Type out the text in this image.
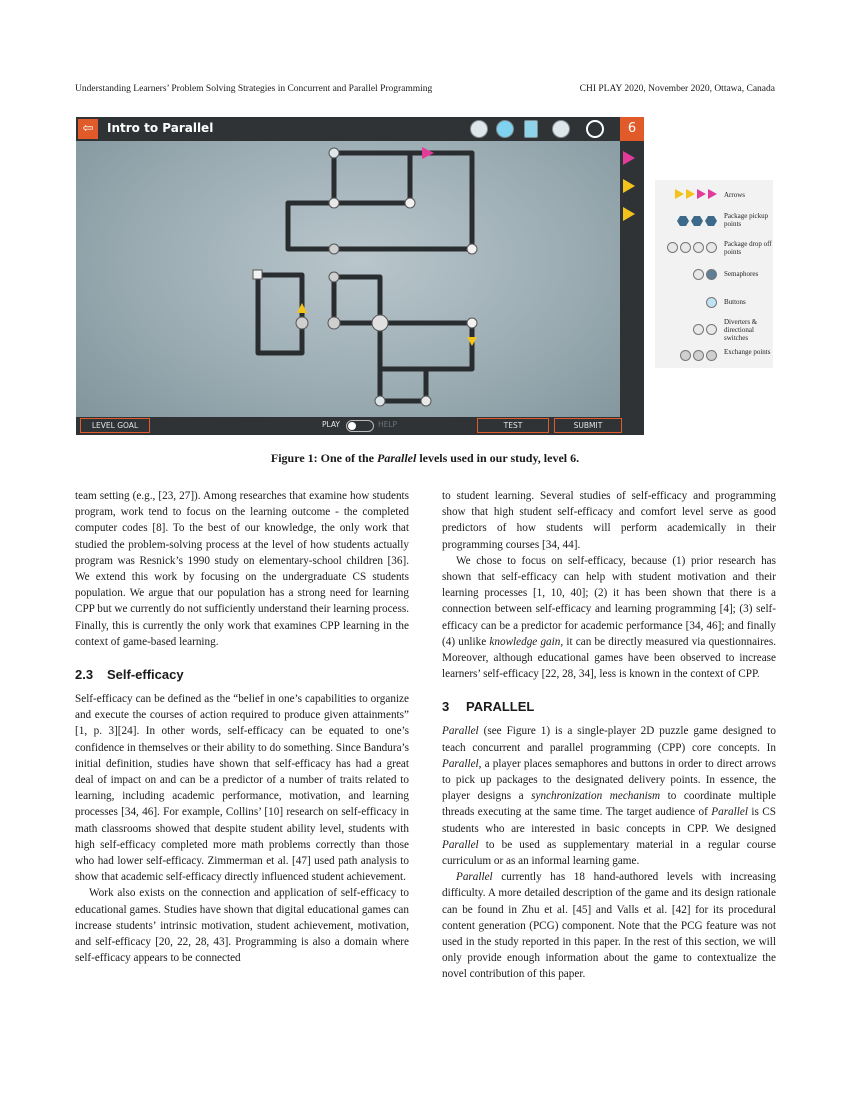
Understanding Learners’ Problem Solving Strategies in Concurrent and Parallel Programming	CHI PLAY 2020, November 2020, Ottawa, Canada
⇦	Intro to Parallel	6
LEVEL GOAL	PLAY	HELP	TEST	SUBMIT
Arrows
Package pickup points
Package drop off points
Semaphores
Buttons
Diverters & directional switches
Exchange points
Figure 1: One of the Parallel levels used in our study, level 6.

team setting (e.g., [23, 27]). Among researches that examine how students program, work tend to focus on the learning outcome - the completed computer codes [8]. To the best of our knowledge, the only work that studied the problem-solving process at the level of how students actually program was Resnick’s 1990 study on elementary-school children [36]. We extend this work by focusing on the undergraduate CS students population. We argue that our population has a strong need for learning CPP but we currently do not sufficiently understand their learning process. Finally, this is currently the only work that examines CPP learning in the context of game-based learning.

2.3 Self-efficacy

Self-efficacy can be defined as the “belief in one’s capabilities to organize and execute the courses of action required to produce given attainments” [1, p. 3][24]. In other words, self-efficacy can be equated to one’s confidence in themselves or their ability to do something. Since Bandura’s initial definition, studies have shown that self-efficacy has had a great deal of impact on and can be a predictor of a number of traits related to learning, including academic performance, motivation, and learning processes [34, 46]. For example, Collins’ [10] research on self-efficacy in math classrooms showed that despite student ability level, students with high self-efficacy completed more math problems correctly than those who had lower self-efficacy. Zimmerman et al. [47] used path analysis to show that academic self-efficacy directly influenced student achievement.

Work also exists on the connection and application of self-efficacy to educational games. Studies have shown that digital educational games can increase students’ intrinsic motivation, student achievement, motivation, and self-efficacy [20, 22, 28, 43]. Programming is also a domain where self-efficacy appears to be connected

to student learning. Several studies of self-efficacy and programming show that high student self-efficacy and comfort level serve as good predictors of how students will perform academically in their programming courses [34, 44].

We chose to focus on self-efficacy, because (1) prior research has shown that self-efficacy can help with student motivation and their learning processes [1, 10, 40]; (2) it has been shown that there is a connection between self-efficacy and learning programming [4]; (3) self-efficacy can be a predictor for academic performance [34, 46]; and finally (4) unlike knowledge gain, it can be directly measured via questionnaires. Moreover, although educational games have been observed to increase learners’ self-efficacy [22, 28, 34], less is known in the context of CPP.

3 PARALLEL

Parallel (see Figure 1) is a single-player 2D puzzle game designed to teach concurrent and parallel programming (CPP) core concepts. In Parallel, a player places semaphores and buttons in order to direct arrows to pick up packages to the designated delivery points. In essence, the player designs a synchronization mechanism to coordinate multiple threads executing at the same time. The target audience of Parallel is CS students who are interested in basic concepts in CPP. We designed Parallel to be used as supplementary material in a regular course curriculum or as an informal learning game.

Parallel currently has 18 hand-authored levels with increasing difficulty. A more detailed description of the game and its design rationale can be found in Zhu et al. [45] and Valls et al. [42] for its procedural content generation (PCG) component. Note that the PCG feature was not used in the study reported in this paper. In the rest of this section, we will only provide enough information about the game to contextualize the novel contribution of this paper.
